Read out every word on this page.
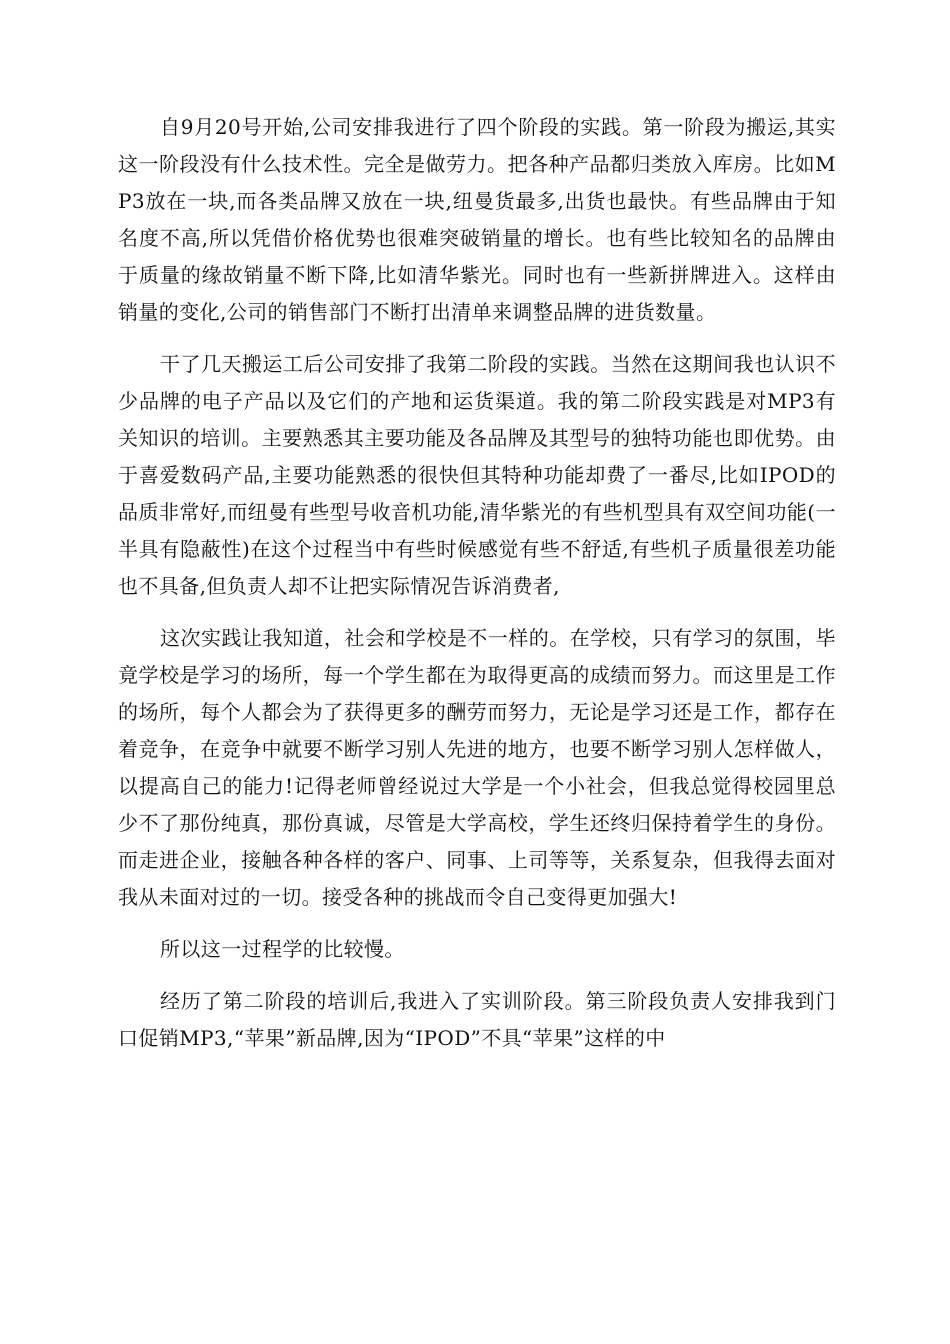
自9月20号开始,公司安排我进行了四个阶段的实践。第一阶段为搬运,其实这一阶段没有什么技术性。完全是做劳力。把各种产品都归类放入库房。比如MP3放在一块,而各类品牌又放在一块,纽曼货最多,出货也最快。有些品牌由于知名度不高,所以凭借价格优势也很难突破销量的增长。也有些比较知名的品牌由于质量的缘故销量不断下降,比如清华紫光。同时也有一些新拼牌进入。这样由销量的变化,公司的销售部门不断打出清单来调整品牌的进货数量。

干了几天搬运工后公司安排了我第二阶段的实践。当然在这期间我也认识不少品牌的电子产品以及它们的产地和运货渠道。我的第二阶段实践是对MP3有关知识的培训。主要熟悉其主要功能及各品牌及其型号的独特功能也即优势。由于喜爱数码产品,主要功能熟悉的很快但其特种功能却费了一番尽,比如IPOD的品质非常好,而纽曼有些型号收音机功能,清华紫光的有些机型具有双空间功能(一半具有隐蔽性)在这个过程当中有些时候感觉有些不舒适,有些机子质量很差功能也不具备,但负责人却不让把实际情况告诉消费者,

这次实践让我知道，社会和学校是不一样的。在学校，只有学习的氛围，毕竟学校是学习的场所，每一个学生都在为取得更高的成绩而努力。而这里是工作的场所，每个人都会为了获得更多的酬劳而努力，无论是学习还是工作，都存在着竞争，在竞争中就要不断学习别人先进的地方，也要不断学习别人怎样做人，以提高自己的能力!记得老师曾经说过大学是一个小社会，但我总觉得校园里总少不了那份纯真，那份真诚，尽管是大学高校，学生还终归保持着学生的身份。而走进企业，接触各种各样的客户、同事、上司等等，关系复杂，但我得去面对我从未面对过的一切。接受各种的挑战而令自己变得更加强大!

所以这一过程学的比较慢。

经历了第二阶段的培训后,我进入了实训阶段。第三阶段负责人安排我到门口促销MP3,“苹果”新品牌,因为“IPOD”不具“苹果”这样的中
